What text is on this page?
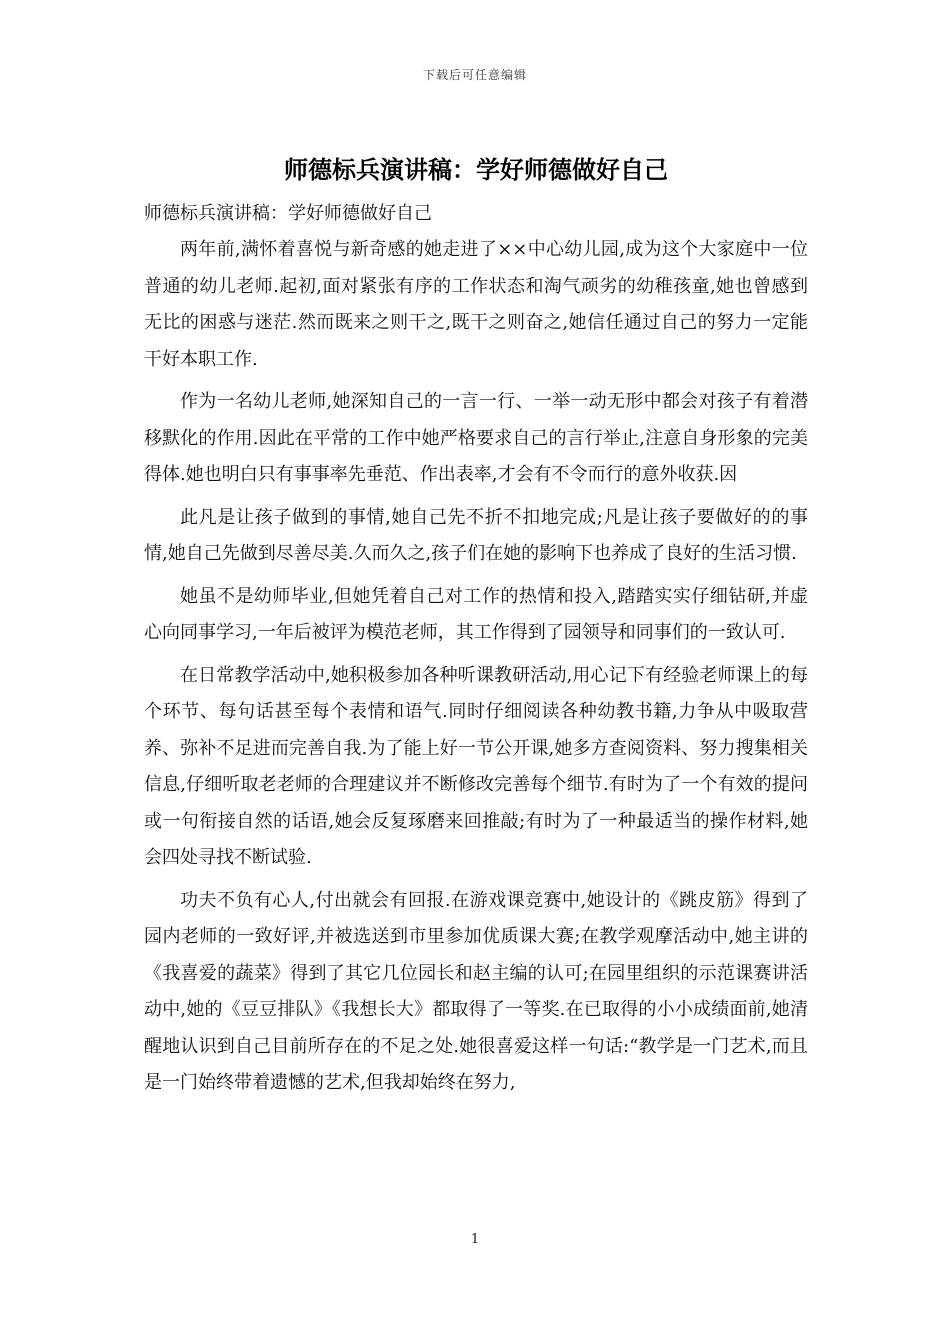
下载后可任意编辑
师德标兵演讲稿：学好师德做好自己

师德标兵演讲稿：学好师德做好自己

两年前,满怀着喜悦与新奇感的她走进了××中心幼儿园,成为这个大家庭中一位普通的幼儿老师.起初,面对紧张有序的工作状态和淘气顽劣的幼稚孩童,她也曾感到无比的困惑与迷茫.然而既来之则干之,既干之则奋之,她信任通过自己的努力一定能干好本职工作.

作为一名幼儿老师,她深知自己的一言一行、一举一动无形中都会对孩子有着潜移默化的作用.因此在平常的工作中她严格要求自己的言行举止,注意自身形象的完美得体.她也明白只有事事率先垂范、作出表率,才会有不令而行的意外收获.因

此凡是让孩子做到的事情,她自己先不折不扣地完成;凡是让孩子要做好的的事情,她自己先做到尽善尽美.久而久之,孩子们在她的影响下也养成了良好的生活习惯.

她虽不是幼师毕业,但她凭着自己对工作的热情和投入,踏踏实实仔细钻研,并虚心向同事学习,一年后被评为模范老师，其工作得到了园领导和同事们的一致认可.

在日常教学活动中,她积极参加各种听课教研活动,用心记下有经验老师课上的每个环节、每句话甚至每个表情和语气.同时仔细阅读各种幼教书籍,力争从中吸取营养、弥补不足进而完善自我.为了能上好一节公开课,她多方查阅资料、努力搜集相关信息,仔细听取老老师的合理建议并不断修改完善每个细节.有时为了一个有效的提问或一句衔接自然的话语,她会反复琢磨来回推敲;有时为了一种最适当的操作材料,她会四处寻找不断试验.

功夫不负有心人,付出就会有回报.在游戏课竞赛中,她设计的《跳皮筋》得到了园内老师的一致好评,并被选送到市里参加优质课大赛;在教学观摩活动中,她主讲的《我喜爱的蔬菜》得到了其它几位园长和赵主编的认可;在园里组织的示范课赛讲活动中,她的《豆豆排队》《我想长大》都取得了一等奖.在已取得的小小成绩面前,她清醒地认识到自己目前所存在的不足之处.她很喜爱这样一句话:“教学是一门艺术,而且是一门始终带着遗憾的艺术,但我却始终在努力,

1
